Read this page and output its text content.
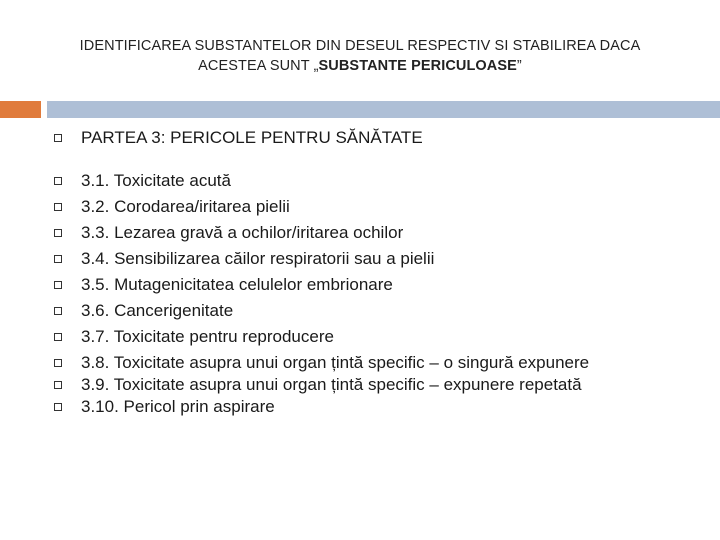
IDENTIFICAREA SUBSTANTELOR DIN DESEUL RESPECTIV SI STABILIREA DACA
ACESTEA SUNT „SUBSTANTE PERICULOASE”
PARTEA 3: PERICOLE PENTRU SĂNĂTATE
3.1. Toxicitate acută
3.2. Corodarea/iritarea pielii
3.3. Lezarea gravă a ochilor/iritarea ochilor
3.4. Sensibilizarea căilor respiratorii sau a pielii
3.5. Mutagenicitatea celulelor embrionare
3.6. Cancerigenitate
3.7. Toxicitate pentru reproducere
3.8. Toxicitate asupra unui organ țintă specific – o singură expunere
3.9. Toxicitate asupra unui organ țintă specific – expunere repetată
3.10. Pericol prin aspirare
